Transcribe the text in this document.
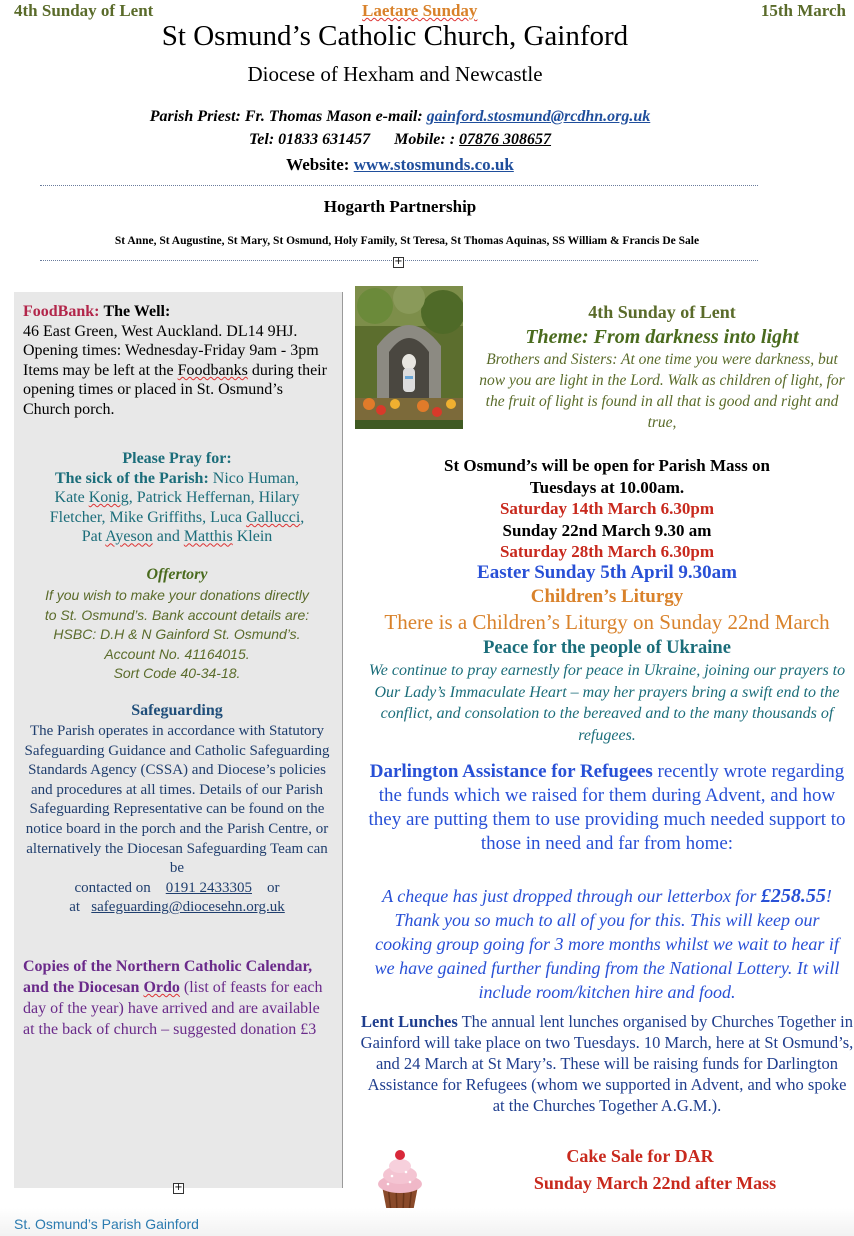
4th Sunday of Lent	Laetare Sunday	15th March
St Osmund’s Catholic Church, Gainford
Diocese of Hexham and Newcastle
Parish Priest: Fr. Thomas Mason e-mail: gainford.stosmund@rcdhn.org.uk
Tel: 01833 631457 Mobile: : 07876 308657
Website: www.stosmunds.co.uk
Hogarth Partnership
St Anne, St Augustine, St Mary, St Osmund, Holy Family, St Teresa, St Thomas Aquinas, SS William & Francis De Sale
+
FoodBank: The Well:
46 East Green, West Auckland. DL14 9HJ. Opening times: Wednesday-Friday 9am - 3pm
Items may be left at the Foodbanks during their opening times or placed in St. Osmund’s Church porch.
Please Pray for:
The sick of the Parish: Nico Human,
Kate Konig, Patrick Heffernan, Hilary
Fletcher, Mike Griffiths, Luca Gallucci,
Pat Ayeson and Matthis Klein
Offertory
If you wish to make your donations directly
to St. Osmund’s. Bank account details are:
HSBC: D.H & N Gainford St. Osmund’s.
Account No. 41164015.
Sort Code 40-34-18.
Safeguarding
The Parish operates in accordance with Statutory Safeguarding Guidance and Catholic Safeguarding Standards Agency (CSSA) and Diocese’s policies and procedures at all times. Details of our Parish Safeguarding Representative can be found on the notice board in the porch and the Parish Centre, or alternatively the Diocesan Safeguarding Team can be
contacted on 0191 2433305 or
at safeguarding@diocesehn.org.uk
Copies of the Northern Catholic Calendar, and the Diocesan Ordo (list of feasts for each day of the year) have arrived and are available at the back of church – suggested donation £3
+
4th Sunday of Lent
Theme: From darkness into light
Brothers and Sisters: At one time you were darkness, but now you are light in the Lord. Walk as children of light, for the fruit of light is found in all that is good and right and true,
St Osmund’s will be open for Parish Mass on
Tuesdays at 10.00am.
Saturday 14th March 6.30pm
Sunday 22nd March 9.30 am
Saturday 28th March 6.30pm
Easter Sunday 5th April 9.30am
Children’s Liturgy
There is a Children’s Liturgy on Sunday 22nd March
Peace for the people of Ukraine
We continue to pray earnestly for peace in Ukraine, joining our prayers to Our Lady’s Immaculate Heart – may her prayers bring a swift end to the conflict, and consolation to the bereaved and to the many thousands of refugees.
Darlington Assistance for Refugees recently wrote regarding the funds which we raised for them during Advent, and how they are putting them to use providing much needed support to those in need and far from home:
A cheque has just dropped through our letterbox for £258.55! Thank you so much to all of you for this. This will keep our cooking group going for 3 more months whilst we wait to hear if we have gained further funding from the National Lottery. It will include room/kitchen hire and food.
Lent Lunches The annual lent lunches organised by Churches Together in Gainford will take place on two Tuesdays. 10 March, here at St Osmund’s, and 24 March at St Mary’s. These will be raising funds for Darlington Assistance for Refugees (whom we supported in Advent, and who spoke at the Churches Together A.G.M.).
Cake Sale for DAR
Sunday March 22nd after Mass
St. Osmund’s Parish Gainford
